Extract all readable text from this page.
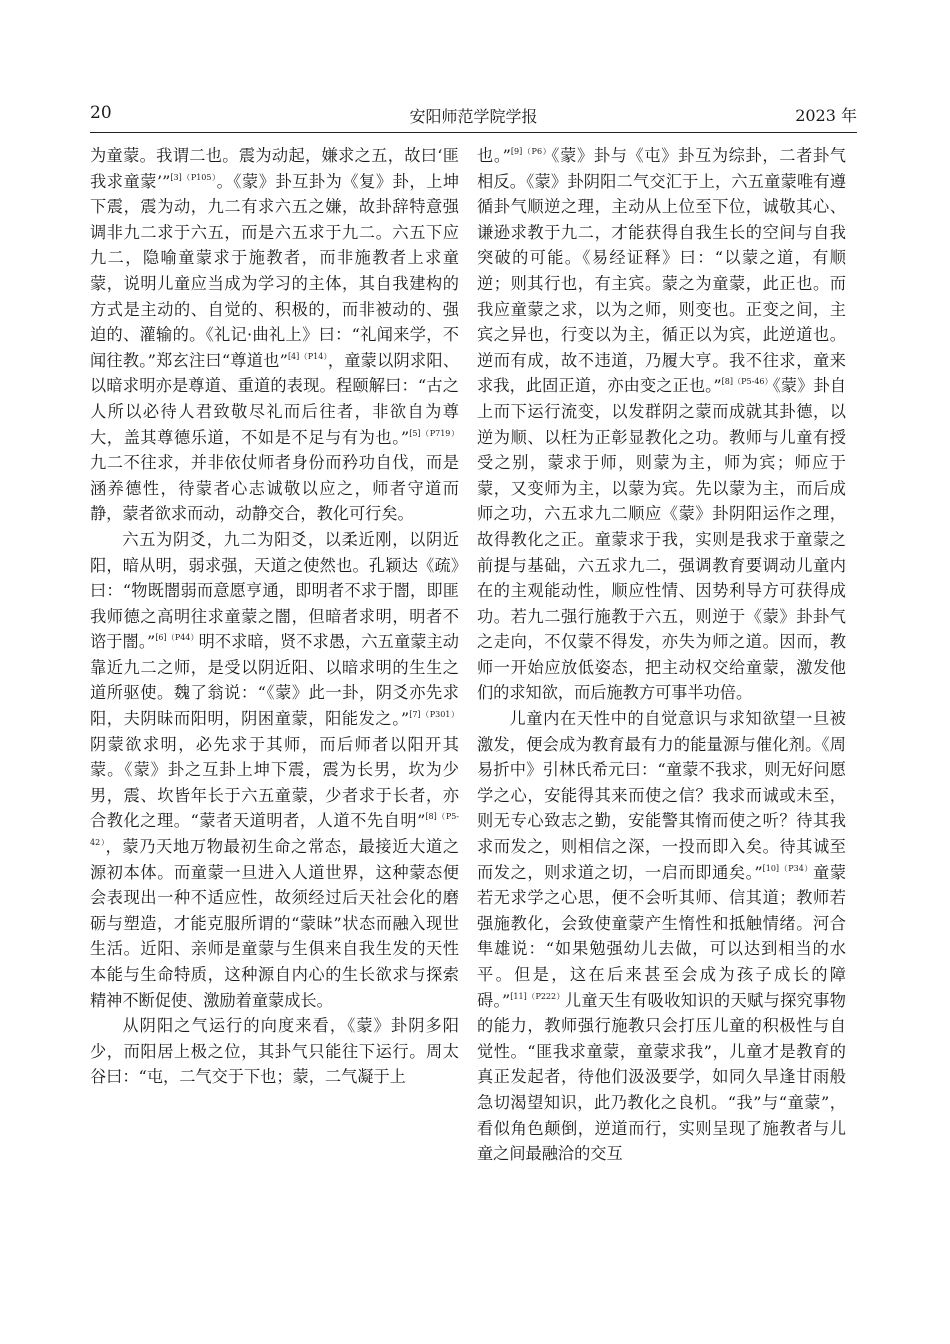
20	安阳师范学院学报	2023 年

为童蒙。我谓二也。震为动起，嫌求之五，故曰‘匪我求童蒙’”$^{[3](P105)}$。《蒙》卦互卦为《复》卦，上坤下震，震为动，九二有求六五之嫌，故卦辞特意强调非九二求于六五，而是六五求于九二。六五下应九二，隐喻童蒙求于施教者，而非施教者上求童蒙，说明儿童应当成为学习的主体，其自我建构的方式是主动的、自觉的、积极的，而非被动的、强迫的、灌输的。《礼记·曲礼上》曰：“礼闻来学，不闻往教。”郑玄注曰“尊道也”$^{[4](P14)}$，童蒙以阴求阳、以暗求明亦是尊道、重道的表现。程颐解曰：“古之人所以必待人君致敬尽礼而后往者，非欲自为尊大，盖其尊德乐道，不如是不足与有为也。”$^{[5](P719)}$九二不往求，并非依仗师者身份而矜功自伐，而是涵养德性，待蒙者心志诚敬以应之，师者守道而静，蒙者欲求而动，动静交合，教化可行矣。

六五为阴爻，九二为阳爻，以柔近刚，以阴近阳，暗从明，弱求强，天道之使然也。孔颖达《疏》曰：“物既闇弱而意愿亨通，即明者不求于闇，即匪我师德之高明往求童蒙之闇，但暗者求明，明者不谘于闇。”$^{[6](P44)}$明不求暗，贤不求愚，六五童蒙主动靠近九二之师，是受以阴近阳、以暗求明的生生之道所驱使。魏了翁说：“《蒙》此一卦，阴爻亦先求阳，夫阴昧而阳明，阴困童蒙，阳能发之。”$^{[7](P301)}$阴蒙欲求明，必先求于其师，而后师者以阳开其蒙。《蒙》卦之互卦上坤下震，震为长男，坎为少男，震、坎皆年长于六五童蒙，少者求于长者，亦合教化之理。“蒙者天道明者，人道不先自明”$^{[8](P5-42)}$，蒙乃天地万物最初生命之常态，最接近大道之源初本体。而童蒙一旦进入人道世界，这种蒙态便会表现出一种不适应性，故须经过后天社会化的磨砺与塑造，才能克服所谓的“蒙昧”状态而融入现世生活。近阳、亲师是童蒙与生俱来自我生发的天性本能与生命特质，这种源自内心的生长欲求与探索精神不断促使、激励着童蒙成长。

从阴阳之气运行的向度来看，《蒙》卦阴多阳少，而阳居上极之位，其卦气只能往下运行。周太谷曰：“屯，二气交于下也；蒙，二气凝于上

也。”$^{[9](P6)}$《蒙》卦与《屯》卦互为综卦，二者卦气相反。《蒙》卦阴阳二气交汇于上，六五童蒙唯有遵循卦气顺逆之理，主动从上位至下位，诚敬其心、谦逊求教于九二，才能获得自我生长的空间与自我突破的可能。《易经证释》曰：“以蒙之道，有顺逆；则其行也，有主宾。蒙之为童蒙，此正也。而我应童蒙之求，以为之师，则变也。正变之间，主宾之异也，行变以为主，循正以为宾，此逆道也。逆而有成，故不违道，乃履大亨。我不往求，童来求我，此固正道，亦由变之正也。”$^{[8](P5-46)}$《蒙》卦自上而下运行流变，以发群阴之蒙而成就其卦德，以逆为顺、以枉为正彰显教化之功。教师与儿童有授受之别，蒙求于师，则蒙为主，师为宾；师应于蒙，又变师为主，以蒙为宾。先以蒙为主，而后成师之功，六五求九二顺应《蒙》卦阴阳运作之理，故得教化之正。童蒙求于我，实则是我求于童蒙之前提与基础，六五求九二，强调教育要调动儿童内在的主观能动性，顺应性情、因势利导方可获得成功。若九二强行施教于六五，则逆于《蒙》卦卦气之走向，不仅蒙不得发，亦失为师之道。因而，教师一开始应放低姿态，把主动权交给童蒙，激发他们的求知欲，而后施教方可事半功倍。

儿童内在天性中的自觉意识与求知欲望一旦被激发，便会成为教育最有力的能量源与催化剂。《周易折中》引林氏希元曰：“童蒙不我求，则无好问愿学之心，安能得其来而使之信？我求而诚或未至，则无专心致志之勤，安能警其惰而使之听？待其我求而发之，则相信之深，一投而即入矣。待其诚至而发之，则求道之切，一启而即通矣。”$^{[10](P34)}$童蒙若无求学之心思，便不会听其师、信其道；教师若强施教化，会致使童蒙产生惰性和抵触情绪。河合隼雄说：“如果勉强幼儿去做，可以达到相当的水平。但是，这在后来甚至会成为孩子成长的障碍。”$^{[11](P222)}$儿童天生有吸收知识的天赋与探究事物的能力，教师强行施教只会打压儿童的积极性与自觉性。“匪我求童蒙，童蒙求我”，儿童才是教育的真正发起者，待他们汲汲要学，如同久旱逢甘雨般急切渴望知识，此乃教化之良机。“我”与“童蒙”，看似角色颠倒，逆道而行，实则呈现了施教者与儿童之间最融洽的交互
